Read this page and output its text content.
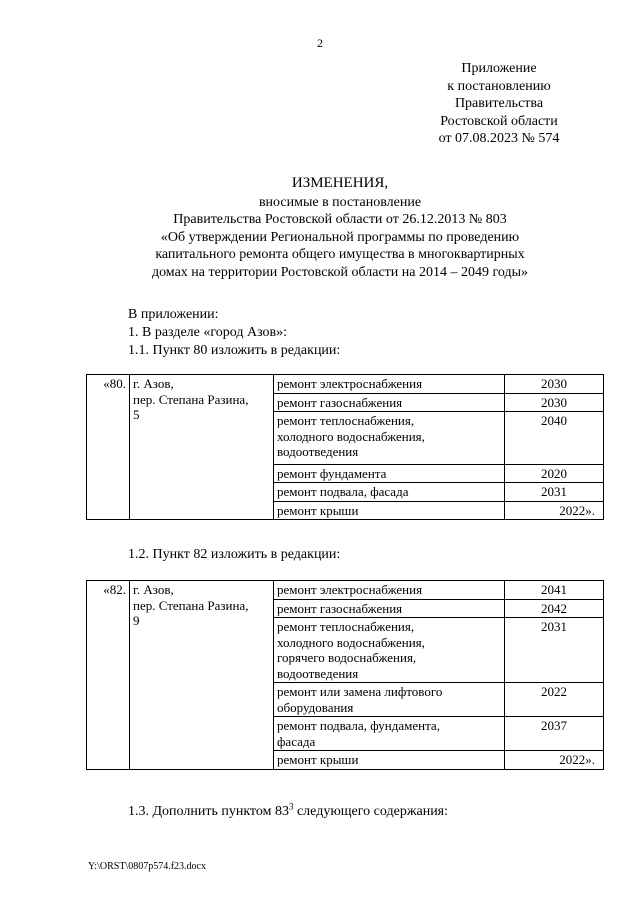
2
Приложение
к постановлению
Правительства
Ростовской области
от 07.08.2023 № 574
ИЗМЕНЕНИЯ,
вносимые в постановление
Правительства Ростовской области от 26.12.2013 № 803
«Об утверждении Региональной программы по проведению
капитального ремонта общего имущества в многоквартирных
домах на территории Ростовской области на 2014 – 2049 годы»
В приложении:
1. В разделе «город Азов»:
1.1. Пункт 80 изложить в редакции:
«80.	г. Азов,
пер. Степана Разина,
5	ремонт электроснабжения	2030
		ремонт газоснабжения	2030

		ремонт теплоснабжения,
холодного водоснабжения,
водоотведения	2040
		ремонт фундамента	2020
		ремонт подвала, фасада	2031
		ремонт крыши	2022».
1.2. Пункт 82 изложить в редакции:
«82.	г. Азов,
пер. Степана Разина,
9	ремонт электроснабжения	2041
		ремонт газоснабжения	2042

		ремонт теплоснабжения,
холодного водоснабжения,
горячего водоснабжения,
водоотведения	2031

		ремонт или замена лифтового
оборудования	2022

		ремонт подвала, фундамента,
фасада	2037
		ремонт крыши	2022».
1.3. Дополнить пунктом $83^3$ следующего содержания:
Y:\ORST\0807p574.f23.docx
